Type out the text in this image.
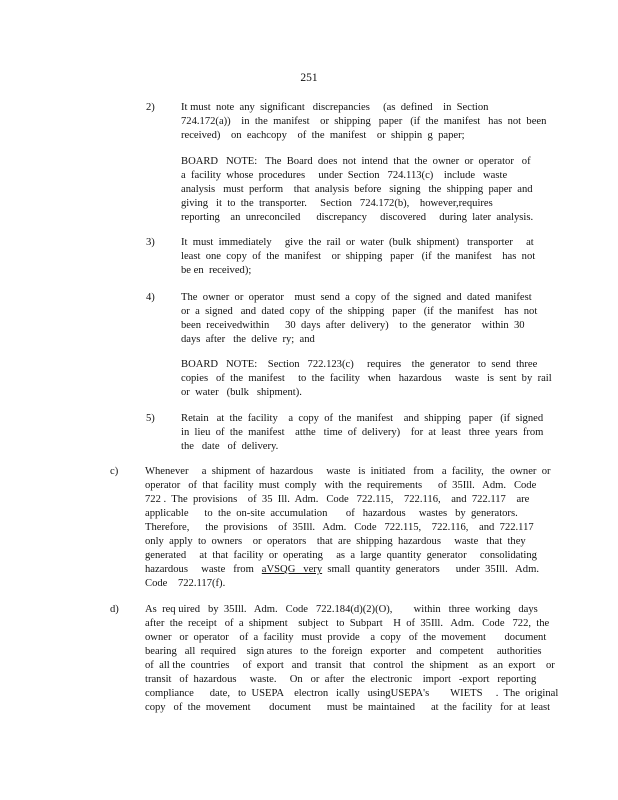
251
2) It must  note  any  significant   discrepancies     (as  defined    in  Section
724.172(a))    in  the  manifest    or  shipping   paper   (if  the  manifest   has  not  been
received)    on  eachcopy    of  the  manifest    or  shippin  g  paper;
BOARD   NOTE:   The  Board  does  not  intend  that  the  owner  or  operator   of
a  facility  whose  procedures     under  Section   724.113(c)    include   waste
analysis   must  perform    that  analysis  before   signing   the  shipping  paper  and
giving   it  to  the  transporter.     Section   724.172(b),    however,requires
reporting    an  unreconciled      discrepancy     discovered     during  later  analysis.
3) It  must  immediately     give  the  rail  or  water  (bulk  shipment)   transporter     at
least  one  copy  of  the  manifest    or  shipping   paper   (if  the  manifest    has  not
be en  received);
4) The  owner  or  operator    must  send  a  copy  of  the  signed  and  dated  manifest
or  a  signed   and  dated  copy  of  the  shipping   paper   (if  the  manifest    has  not
been  receivedwithin      30  days  after  delivery)    to  the  generator    within  30
days  after   the  delive  ry;  and
BOARD   NOTE:    Section   722.123(c)     requires    the  generator   to  send  three
copies   of  the  manifest     to  the  facility   when   hazardous     waste   is  sent  by  rail
or  water   (bulk   shipment).
5) Retain   at  the  facility    a  copy  of  the  manifest    and  shipping   paper   (if  signed
in  lieu  of  the  manifest    atthe   time  of  delivery)    for  at  least   three  years  from
the   date   of  delivery.
c)	Whenever     a  shipment  of  hazardous     waste   is  initiated   from   a  facility,   the  owner  or
operator   of  that  facility  must  comply   with  the  requirements      of  35Ill.   Adm.   Code
722 .  The  provisions    of  35  Ill.  Adm.   Code   722.115,    722.116,    and  722.117    are
applicable      to  the  on-site  accumulation       of   hazardous     wastes   by  generators.
Therefore,      the  provisions    of  35Ill.   Adm.   Code   722.115,    722.116,    and  722.117
only  apply  to  owners    or  operators    that  are  shipping  hazardous     waste   that  they
generated     at  that  facility  or  operating     as  a  large  quantity  generator     consolidating
hazardous     waste   from   aVSQG   very  small  quantity  generators      under  35Ill.   Adm.
Code    722.117(f).
d) As  req uired   by  35Ill.   Adm.   Code   722.184(d)(2)(O),        within   three  working   days
after  the  receipt   of  a  shipment    subject   to  Subpart    H  of  35Ill.   Adm.   Code   722,  the
owner   or  operator    of  a  facility   must  provide    a  copy   of  the  movement       document
bearing   all  required    sign atures   to  the  foreign   exporter    and   competent     authorities
of  all the  countries     of  export   and   transit   that   control   the  shipment    as  an  export    or
transit   of  hazardous     waste.     On   or  after   the  electronic    import   -export   reporting
compliance      date,   to  USEPA    electron   ically   usingUSEPA's        WIETS     .  The  original
copy   of  the  movement       document      must  be  maintained      at  the  facility   for  at  least
